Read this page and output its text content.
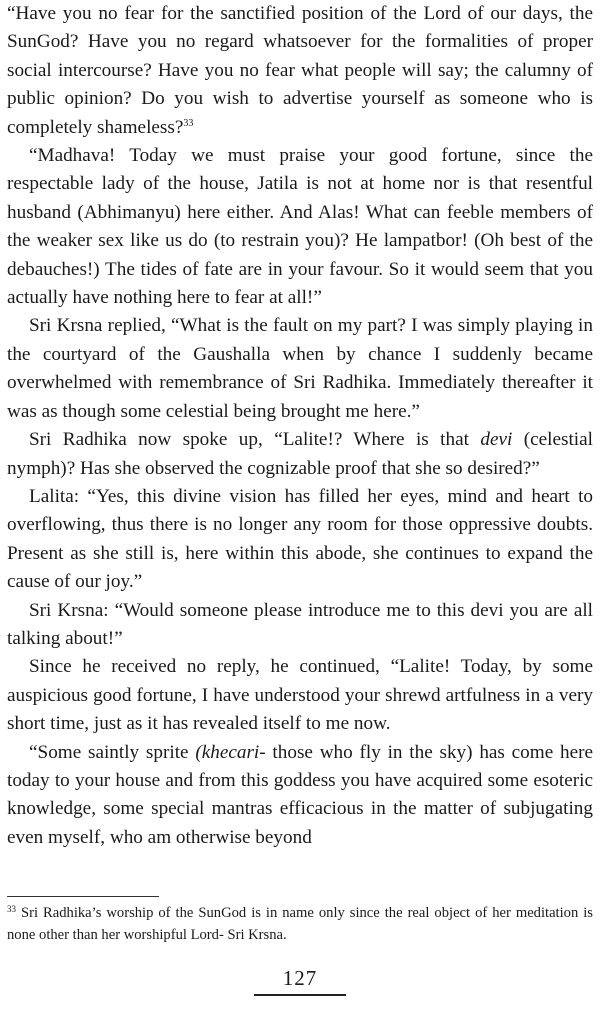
“Have you no fear for the sanctified position of the Lord of our days, the SunGod? Have you no regard whatsoever for the formalities of proper social intercourse? Have you no fear what people will say; the calumny of public opinion? Do you wish to advertise yourself as someone who is completely shameless?$^{33}$

“Madhava! Today we must praise your good fortune, since the respectable lady of the house, Jatila is not at home nor is that resentful husband (Abhimanyu) here either. And Alas! What can feeble members of the weaker sex like us do (to restrain you)? He lampatbor! (Oh best of the debauches!) The tides of fate are in your favour. So it would seem that you actually have nothing here to fear at all!”

Sri Krsna replied, “What is the fault on my part? I was simply playing in the courtyard of the Gaushalla when by chance I suddenly became overwhelmed with remembrance of Sri Radhika. Immediately thereafter it was as though some celestial being brought me here.”

Sri Radhika now spoke up, “Lalite!? Where is that devi (celestial nymph)? Has she observed the cognizable proof that she so desired?”

Lalita: “Yes, this divine vision has filled her eyes, mind and heart to overflowing, thus there is no longer any room for those oppressive doubts. Present as she still is, here within this abode, she continues to expand the cause of our joy.”

Sri Krsna: “Would someone please introduce me to this devi you are all talking about!”

Since he received no reply, he continued, “Lalite! Today, by some auspicious good fortune, I have understood your shrewd artfulness in a very short time, just as it has revealed itself to me now.

“Some saintly sprite (khecari- those who fly in the sky) has come here today to your house and from this goddess you have acquired some esoteric knowledge, some special mantras efficacious in the matter of subjugating even myself, who am otherwise beyond

$^{33}$ Sri Radhika’s worship of the SunGod is in name only since the real object of her meditation is none other than her worshipful Lord- Sri Krsna.

127
